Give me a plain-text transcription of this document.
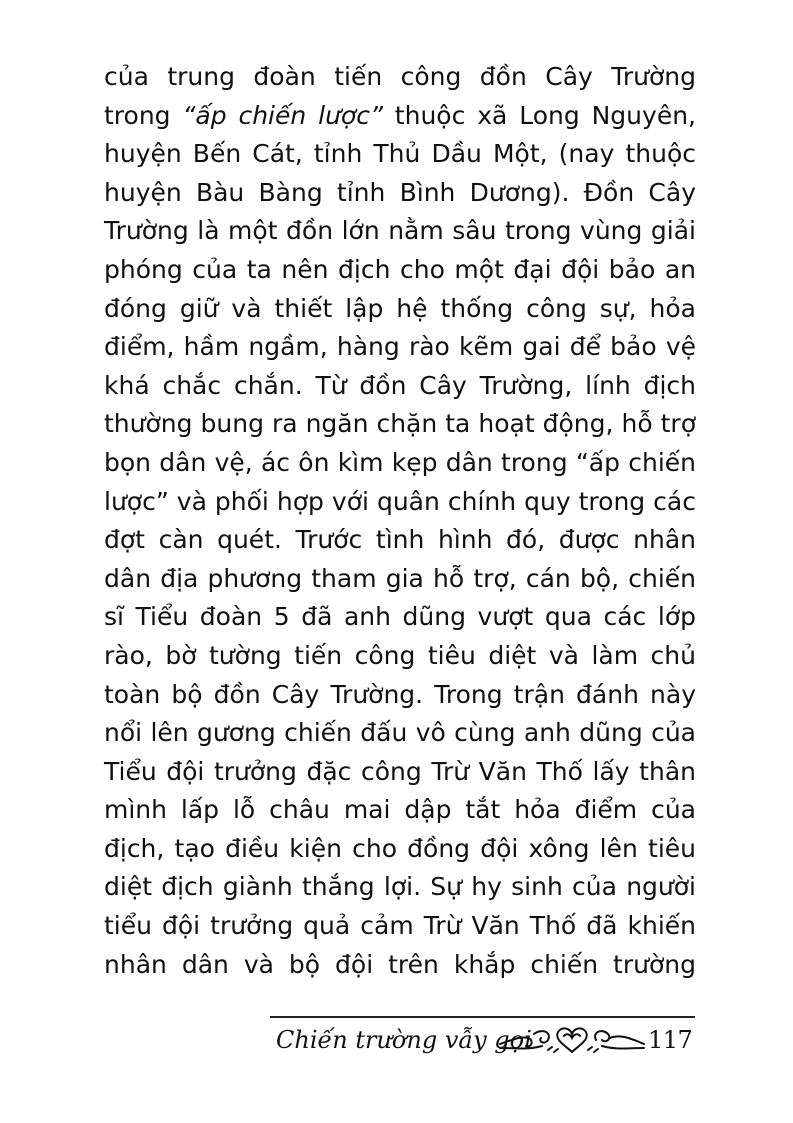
của trung đoàn tiến công đồn Cây Trường
trong “ấp chiến lược” thuộc xã Long Nguyên,
huyện Bến Cát, tỉnh Thủ Dầu Một, (nay thuộc
huyện Bàu Bàng tỉnh Bình Dương). Đồn Cây
Trường là một đồn lớn nằm sâu trong vùng giải
phóng của ta nên địch cho một đại đội bảo an
đóng giữ và thiết lập hệ thống công sự, hỏa
điểm, hầm ngầm, hàng rào kẽm gai để bảo vệ
khá chắc chắn. Từ đồn Cây Trường, lính địch
thường bung ra ngăn chặn ta hoạt động, hỗ trợ
bọn dân vệ, ác ôn kìm kẹp dân trong “ấp chiến
lược” và phối hợp với quân chính quy trong các
đợt càn quét. Trước tình hình đó, được nhân
dân địa phương tham gia hỗ trợ, cán bộ, chiến
sĩ Tiểu đoàn 5 đã anh dũng vượt qua các lớp
rào, bờ tường tiến công tiêu diệt và làm chủ
toàn bộ đồn Cây Trường. Trong trận đánh này
nổi lên gương chiến đấu vô cùng anh dũng của
Tiểu đội trưởng đặc công Trừ Văn Thố lấy thân
mình lấp lỗ châu mai dập tắt hỏa điểm của
địch, tạo điều kiện cho đồng đội xông lên tiêu
diệt địch giành thắng lợi. Sự hy sinh của người
tiểu đội trưởng quả cảm Trừ Văn Thố đã khiến
nhân dân và bộ đội trên khắp chiến trường
Chiến trường vẫy gọi	117
